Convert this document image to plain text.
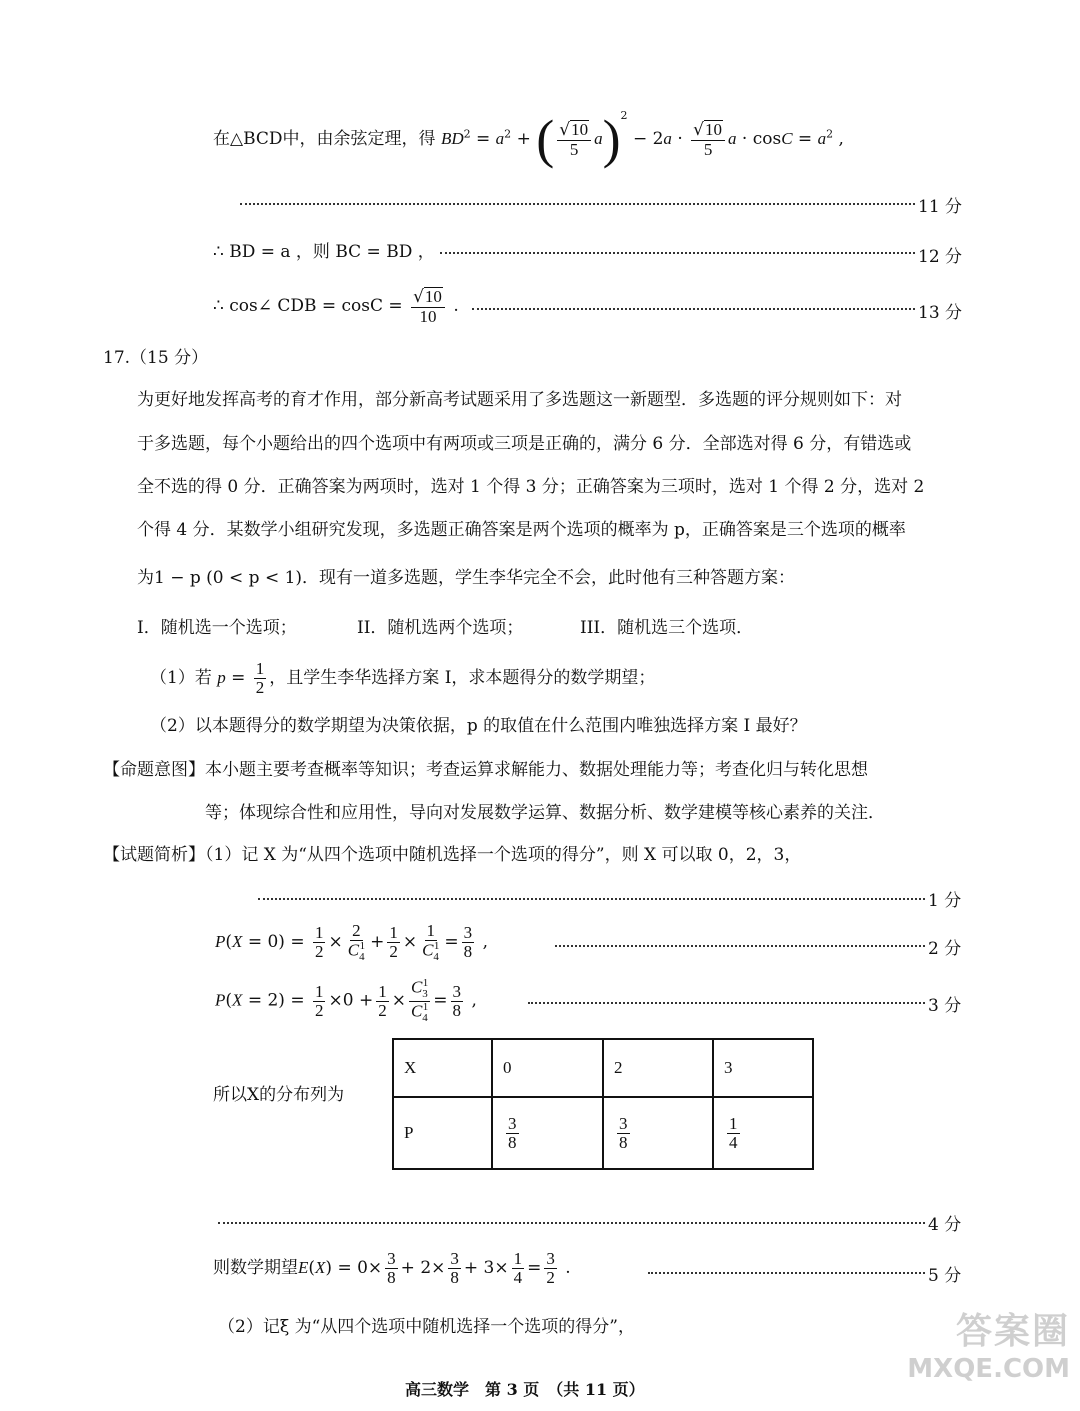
在△BCD中，由余弦定理，得 $BD^2 = a^2$ + ( $\frac{√10}{5} a)^2 - 2a \cdot \frac{√10}{5}$ $a \cdot \cos C = a^2$ ,
11 分
∴ BD = a ，则 BC = BD ，	12 分
∴ cos∠ CDB = $\cos C = \frac{√10}{10}$ .	13 分
17.（15 分）
为更好地发挥高考的育才作用，部分新高考试题采用了多选题这一新题型．多选题的评分规则如下：对
于多选题，每个小题给出的四个选项中有两项或三项是正确的，满分 6 分．全部选对得 6 分，有错选或
全不选的得 0 分．正确答案为两项时，选对 1 个得 3 分；正确答案为三项时，选对 1 个得 2 分，选对 2
个得 4 分．某数学小组研究发现，多选题正确答案是两个选项的概率为 p，正确答案是三个选项的概率
为1 − p (0 < p < 1)．现有一道多选题，学生李华完全不会，此时他有三种答题方案：
I．随机选一个选项；	II．随机选两个选项；	III．随机选三个选项．
（1）若 $p = \frac{1}{2}$ ，且学生李华选择方案 I，求本题得分的数学期望；
（2）以本题得分的数学期望为决策依据，p 的取值在什么范围内唯独选择方案 I 最好？
【命题意图】本小题主要考查概率等知识；考查运算求解能力、数据处理能力等；考查化归与转化思想
等；体现综合性和应用性，导向对发展数学运算、数据分析、数学建模等核心素养的关注．
【试题简析】（1）记 X 为“从四个选项中随机选择一个选项的得分”，则 X 可以取 0，2，3，
1 分
$P(X = 0) = \frac{1}{2} \times \frac{2}{C_4^1} + \frac{1}{2} \times \frac{1}{C_4^1} = \frac{3}{8}$ ,	2 分
$P(X = 2) = \frac{1}{2} \times 0 + \frac{1}{2} \times \frac{C_3^1}{C_4^1} = \frac{3}{8}$ ,	3 分
所以X的分布列为
X	0	2	3
P	$\frac{3}{8}$	$\frac{3}{8}$	$\frac{1}{4}$
4 分
则数学期望$E(X) = 0\times \frac{3}{8} + 2\times \frac{3}{8} + 3\times \frac{1}{4} = \frac{3}{2}$ .	5 分
（2）记ξ 为“从四个选项中随机选择一个选项的得分”，
高三数学　第 3 页　（共 11 页）
答案圈
MXQE.COM
